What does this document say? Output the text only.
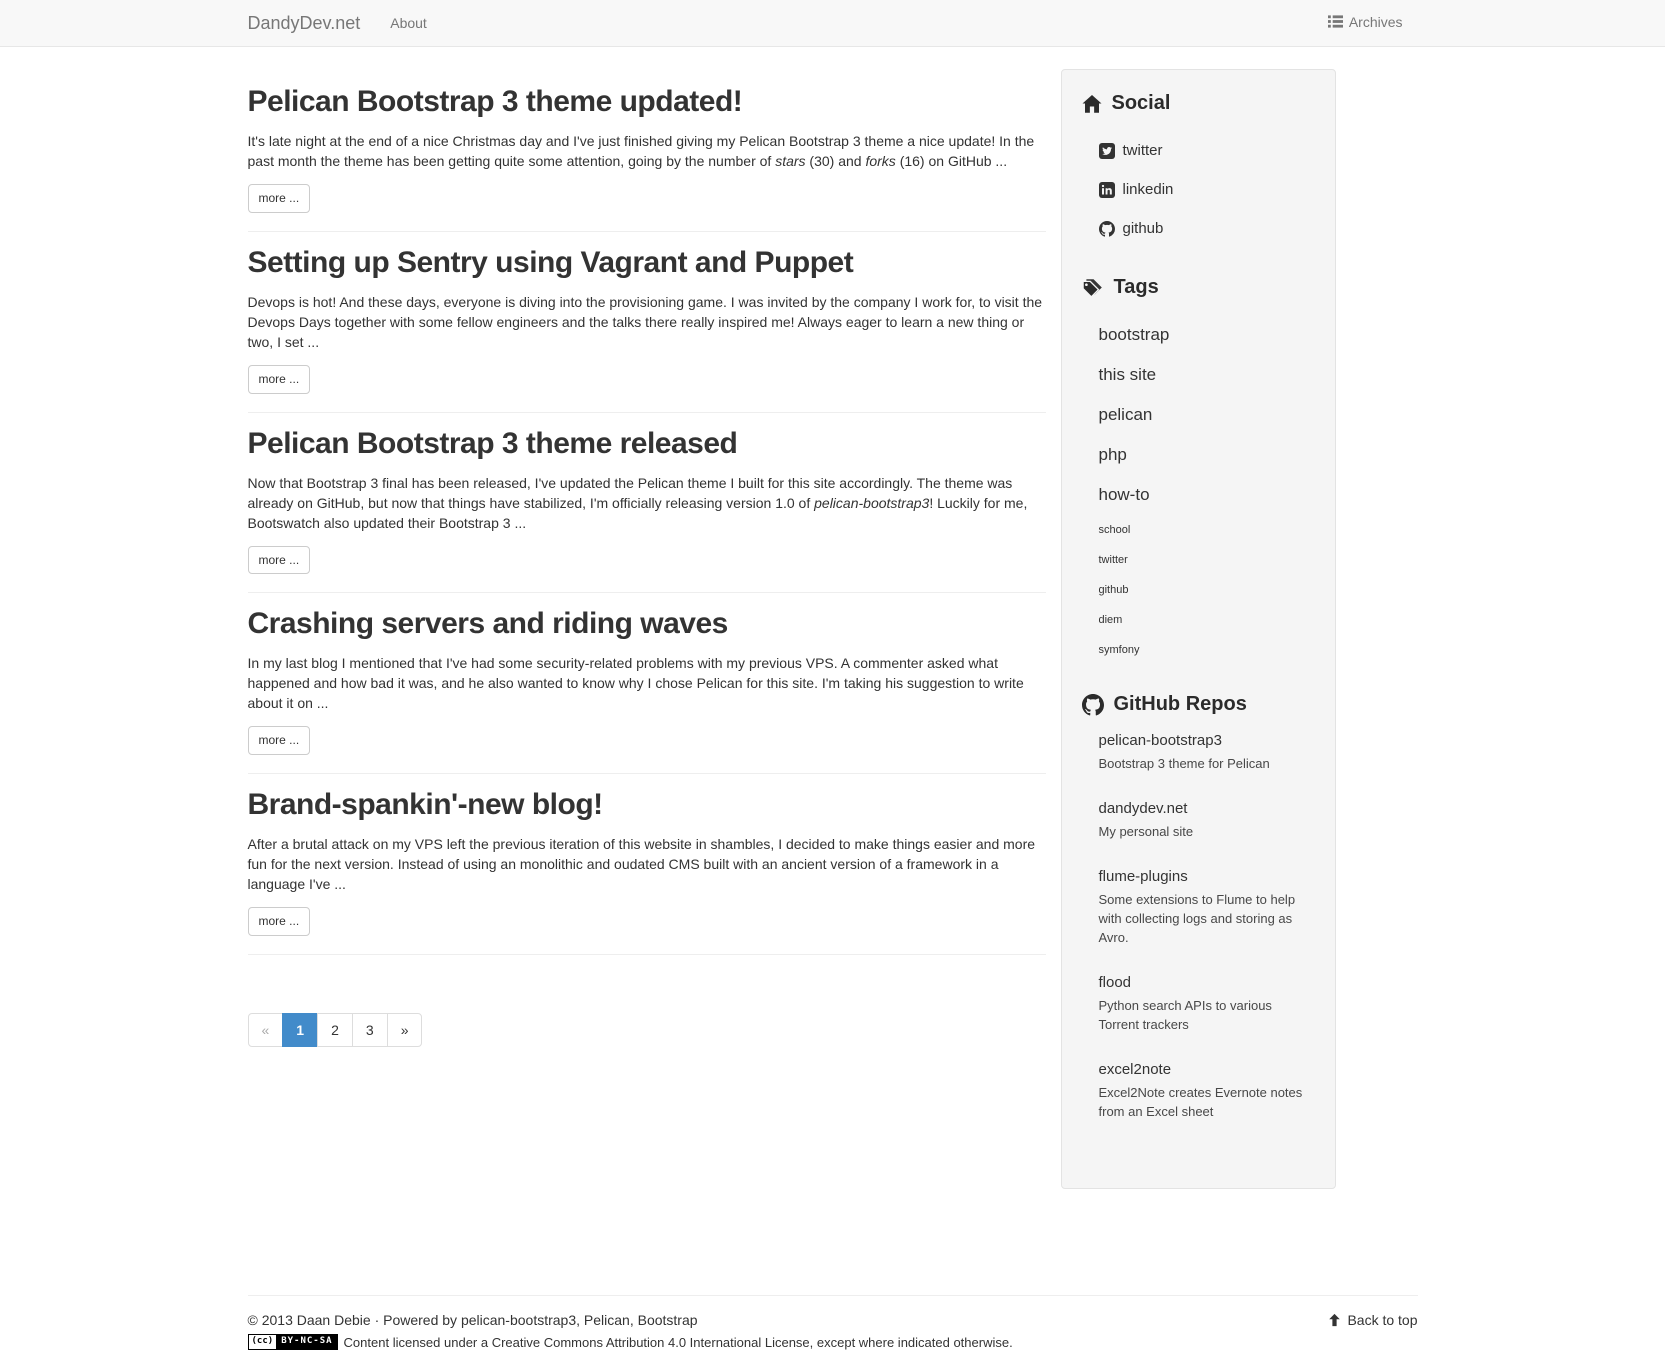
DandyDev.net	About	Archives
Pelican Bootstrap 3 theme updated!

It's late night at the end of a nice Christmas day and I've just finished giving my Pelican Bootstrap 3 theme a nice update! In the past month the theme has been getting quite some attention, going by the number of stars (30) and forks (16) on GitHub ...

more ...
Setting up Sentry using Vagrant and Puppet

Devops is hot! And these days, everyone is diving into the provisioning game. I was invited by the company I work for, to visit the Devops Days together with some fellow engineers and the talks there really inspired me! Always eager to learn a new thing or two, I set ...

more ...
Pelican Bootstrap 3 theme released

Now that Bootstrap 3 final has been released, I've updated the Pelican theme I built for this site accordingly. The theme was already on GitHub, but now that things have stabilized, I'm officially releasing version 1.0 of pelican-bootstrap3! Luckily for me, Bootswatch also updated their Bootstrap 3 ...

more ...
Crashing servers and riding waves

In my last blog I mentioned that I've had some security-related problems with my previous VPS. A commenter asked what happened and how bad it was, and he also wanted to know why I chose Pelican for this site. I'm taking his suggestion to write about it on ...

more ...
Brand-spankin'-new blog!

After a brutal attack on my VPS left the previous iteration of this website in shambles, I decided to make things easier and more fun for the next version. Instead of using an monolithic and oudated CMS built with an ancient version of a framework in a language I've ...

more ...
«	1	2	3	»
Social
twitter
linkedin
github
Tags
bootstrap
this site
pelican
php
how-to
school
twitter
github
diem
symfony
GitHub Repos
pelican-bootstrap3
Bootstrap 3 theme for Pelican
dandydev.net
My personal site
flume-plugins
Some extensions to Flume to help with collecting logs and storing as Avro.
flood
Python search APIs to various Torrent trackers
excel2note
Excel2Note creates Evernote notes from an Excel sheet
© 2013 Daan Debie · Powered by pelican-bootstrap3, Pelican, Bootstrap	Back to top
(cc) BY-NC-SA Content licensed under a Creative Commons Attribution 4.0 International License, except where indicated otherwise.
